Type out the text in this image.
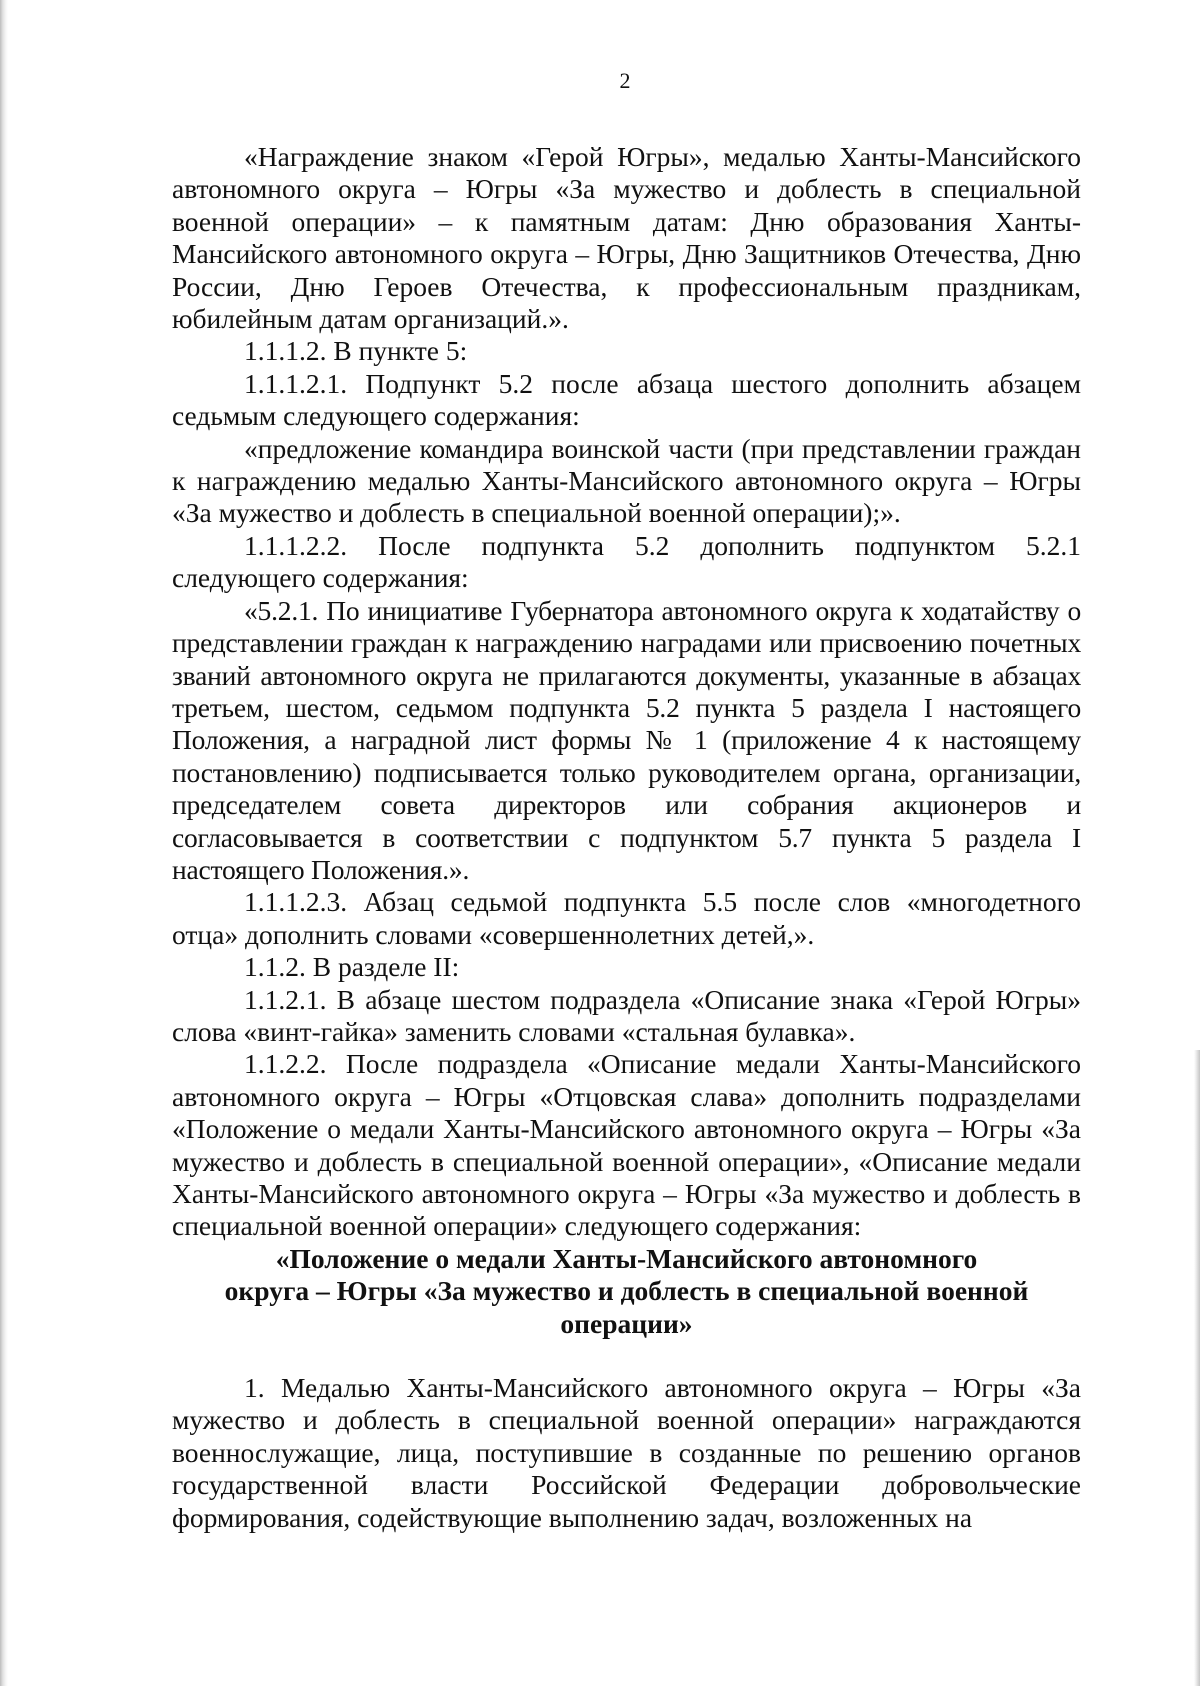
2

«Награждение знаком «Герой Югры», медалью Ханты-Мансийского автономного округа – Югры «За мужество и доблесть в специальной военной операции» – к памятным датам: Дню образования Ханты-Мансийского автономного округа – Югры, Дню Защитников Отечества, Дню России, Дню Героев Отечества, к профессиональным праздникам, юбилейным датам организаций.».

1.1.1.2. В пункте 5:

1.1.1.2.1. Подпункт 5.2 после абзаца шестого дополнить абзацем седьмым следующего содержания:

«предложение командира воинской части (при представлении граждан к награждению медалью Ханты-Мансийского автономного округа – Югры «За мужество и доблесть в специальной военной операции);».

1.1.1.2.2. После подпункта 5.2 дополнить подпунктом 5.2.1 следующего содержания:

«5.2.1. По инициативе Губернатора автономного округа к ходатайству о представлении граждан к награждению наградами или присвоению почетных званий автономного округа не прилагаются документы, указанные в абзацах третьем, шестом, седьмом подпункта 5.2 пункта 5 раздела I настоящего Положения, а наградной лист формы № 1 (приложение 4 к настоящему постановлению) подписывается только руководителем органа, организации, председателем совета директоров или собрания акционеров и согласовывается в соответствии с подпунктом 5.7 пункта 5 раздела I настоящего Положения.».

1.1.1.2.3. Абзац седьмой подпункта 5.5 после слов «многодетного отца» дополнить словами «совершеннолетних детей,».

1.1.2. В разделе II:

1.1.2.1. В абзаце шестом подраздела «Описание знака «Герой Югры» слова «винт-гайка» заменить словами «стальная булавка».

1.1.2.2. После подраздела «Описание медали Ханты-Мансийского автономного округа – Югры «Отцовская слава» дополнить подразделами «Положение о медали Ханты-Мансийского автономного округа – Югры «За мужество и доблесть в специальной военной операции», «Описание медали Ханты-Мансийского автономного округа – Югры «За мужество и доблесть в специальной военной операции» следующего содержания:

«Положение о медали Ханты-Мансийского автономного
округа – Югры «За мужество и доблесть в специальной военной
операции»

1. Медалью Ханты-Мансийского автономного округа – Югры «За мужество и доблесть в специальной военной операции» награждаются военнослужащие, лица, поступившие в созданные по решению органов государственной власти Российской Федерации добровольческие формирования, содействующие выполнению задач, возложенных на
